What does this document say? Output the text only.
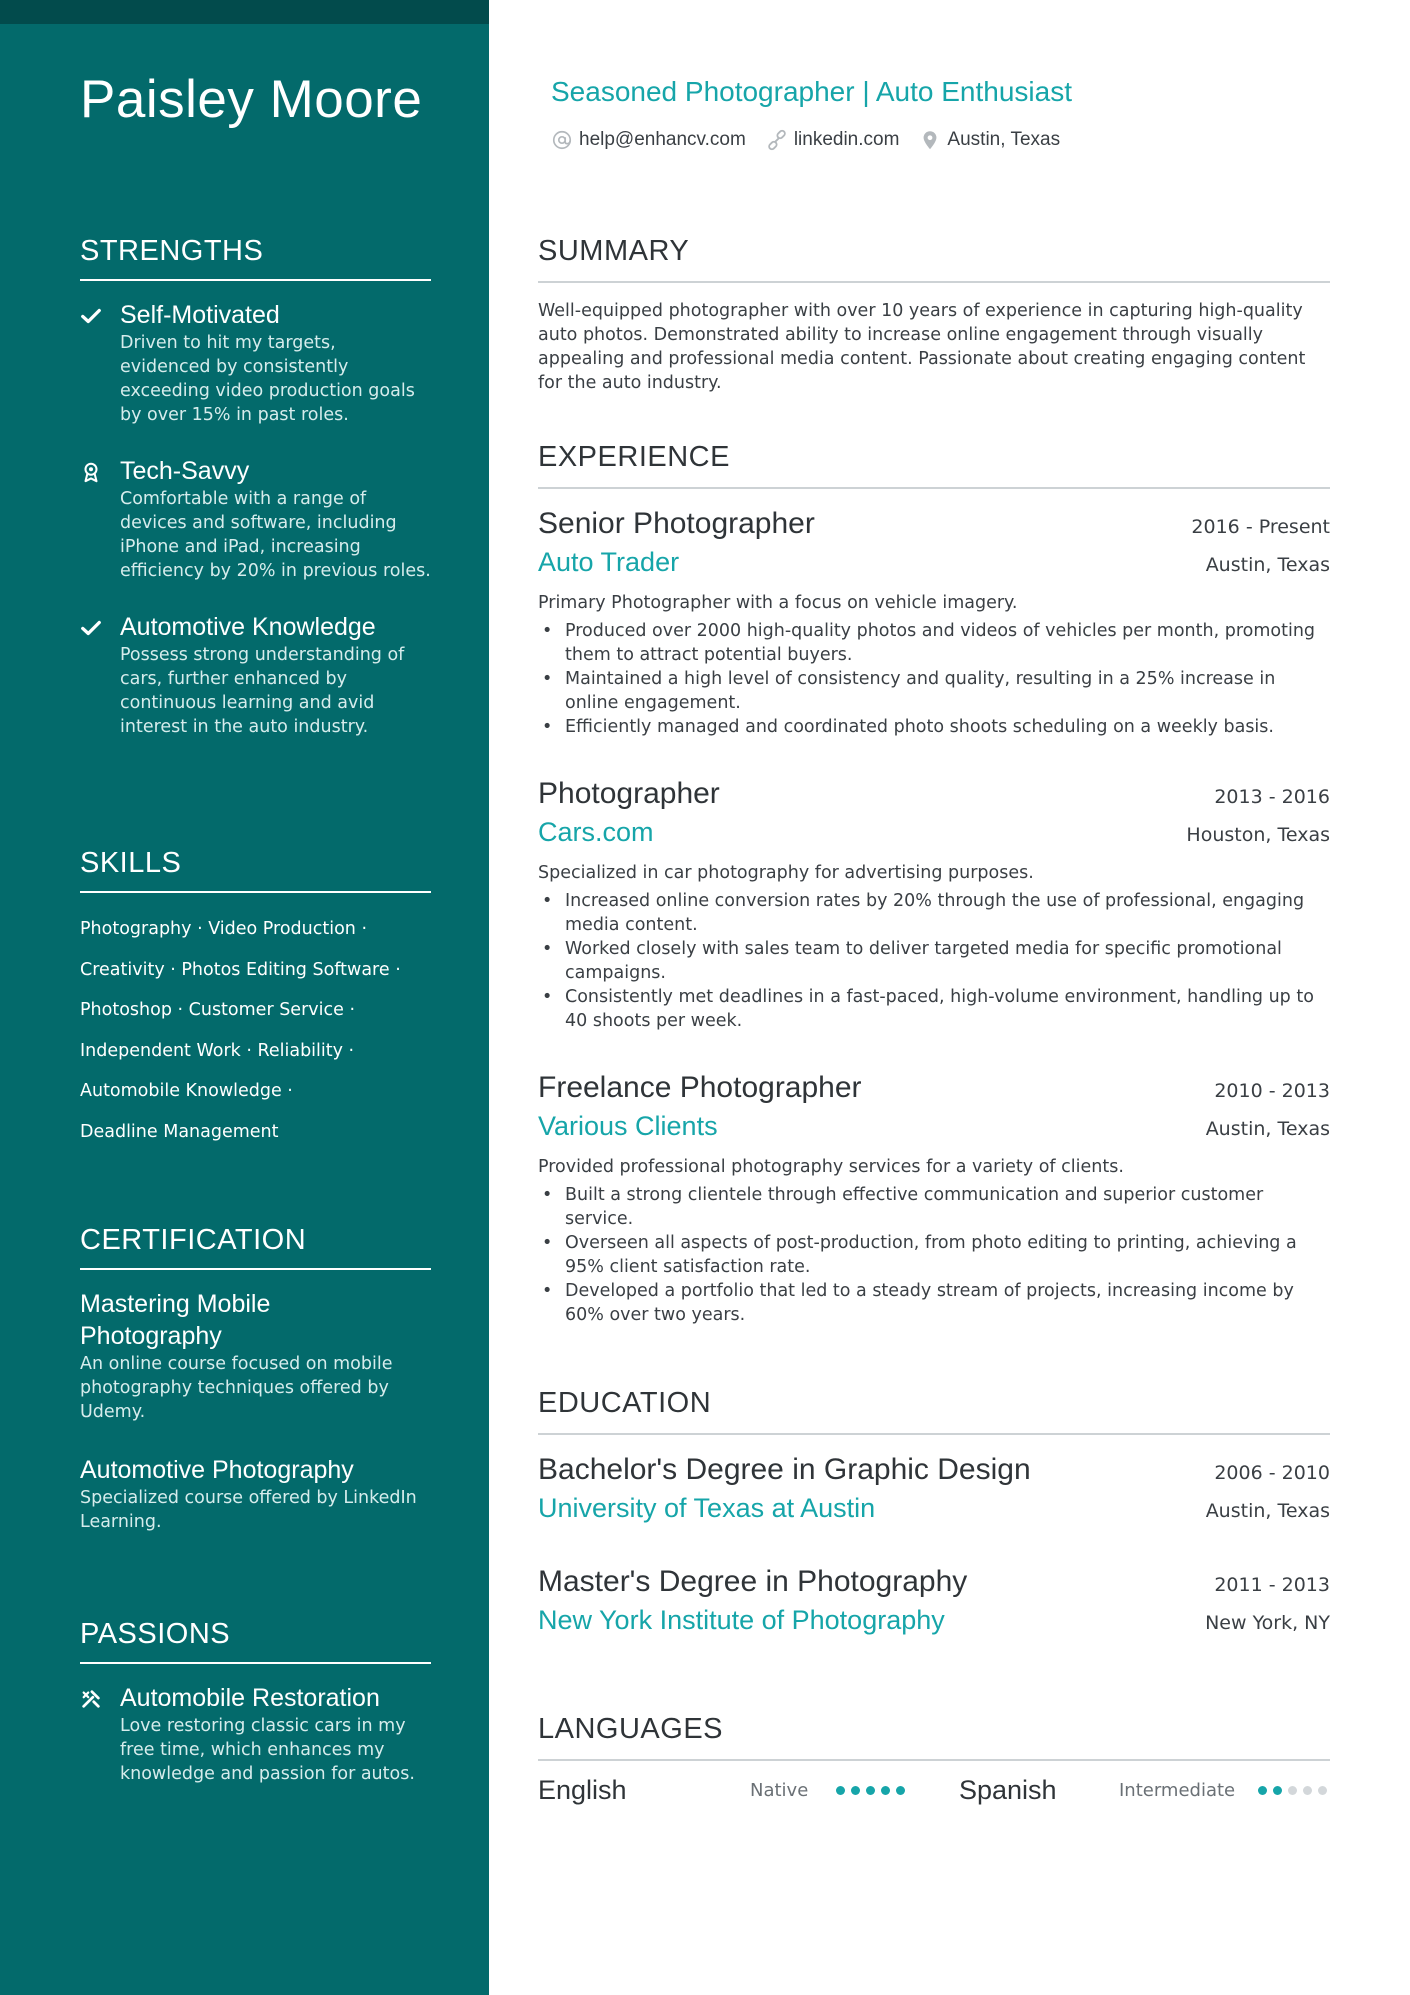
Paisley Moore
STRENGTHS
Self-Motivated
Driven to hit my targets, evidenced by consistently exceeding video production goals by over 15% in past roles.
Tech-Savvy
Comfortable with a range of devices and software, including iPhone and iPad, increasing efficiency by 20% in previous roles.
Automotive Knowledge
Possess strong understanding of cars, further enhanced by continuous learning and avid interest in the auto industry.
SKILLS
Photography · Video Production ·
Creativity · Photos Editing Software ·
Photoshop · Customer Service ·
Independent Work · Reliability ·
Automobile Knowledge ·
Deadline Management
CERTIFICATION
Mastering Mobile Photography
An online course focused on mobile photography techniques offered by Udemy.
Automotive Photography
Specialized course offered by LinkedIn Learning.
PASSIONS
Automobile Restoration
Love restoring classic cars in my free time, which enhances my knowledge and passion for autos.
Seasoned Photographer | Auto Enthusiast
help@enhancv.com	linkedin.com	Austin, Texas
SUMMARY
Well-equipped photographer with over 10 years of experience in capturing high-quality auto photos. Demonstrated ability to increase online engagement through visually appealing and professional media content. Passionate about creating engaging content for the auto industry.
EXPERIENCE
Senior Photographer	2016 - Present
Auto Trader	Austin, Texas
Primary Photographer with a focus on vehicle imagery.
• Produced over 2000 high-quality photos and videos of vehicles per month, promoting them to attract potential buyers.
• Maintained a high level of consistency and quality, resulting in a 25% increase in online engagement.
• Efficiently managed and coordinated photo shoots scheduling on a weekly basis.
Photographer	2013 - 2016
Cars.com	Houston, Texas
Specialized in car photography for advertising purposes.
• Increased online conversion rates by 20% through the use of professional, engaging media content.
• Worked closely with sales team to deliver targeted media for specific promotional campaigns.
• Consistently met deadlines in a fast-paced, high-volume environment, handling up to 40 shoots per week.
Freelance Photographer	2010 - 2013
Various Clients	Austin, Texas
Provided professional photography services for a variety of clients.
• Built a strong clientele through effective communication and superior customer service.
• Overseen all aspects of post-production, from photo editing to printing, achieving a 95% client satisfaction rate.
• Developed a portfolio that led to a steady stream of projects, increasing income by 60% over two years.
EDUCATION
Bachelor's Degree in Graphic Design	2006 - 2010
University of Texas at Austin	Austin, Texas
Master's Degree in Photography	2011 - 2013
New York Institute of Photography	New York, NY
LANGUAGES
English	Native	Spanish	Intermediate
